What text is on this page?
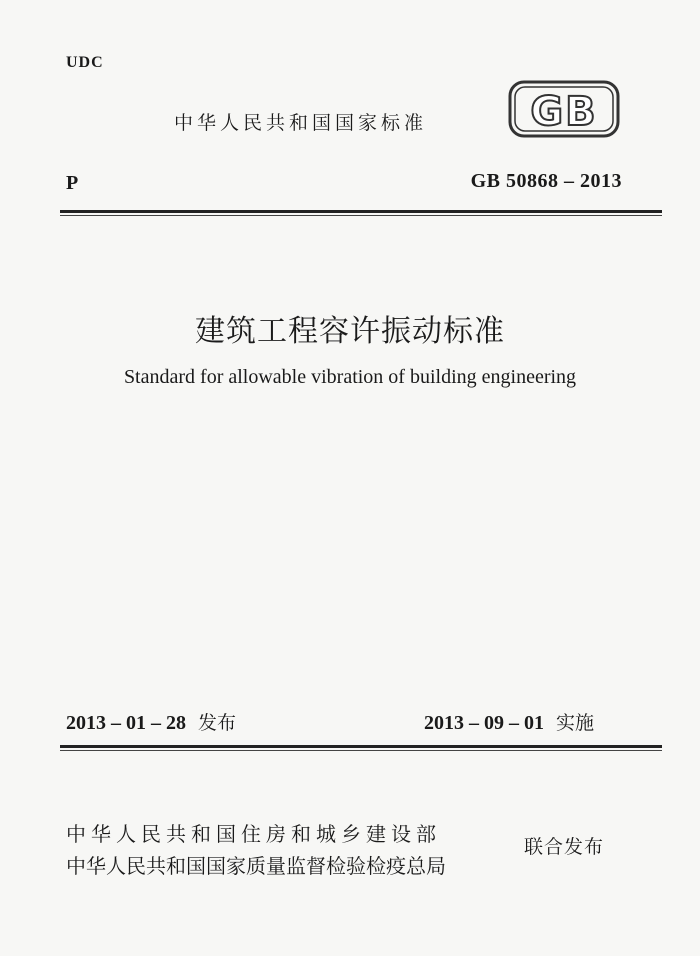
UDC
中华人民共和国国家标准	GB
P	GB 50868 – 2013
建筑工程容许振动标准
Standard for allowable vibration of building engineering
2013 – 01 – 28 发布	2013 – 09 – 01 实施
中华人民共和国住房和城乡建设部
中华人民共和国国家质量监督检验检疫总局
联合发布
